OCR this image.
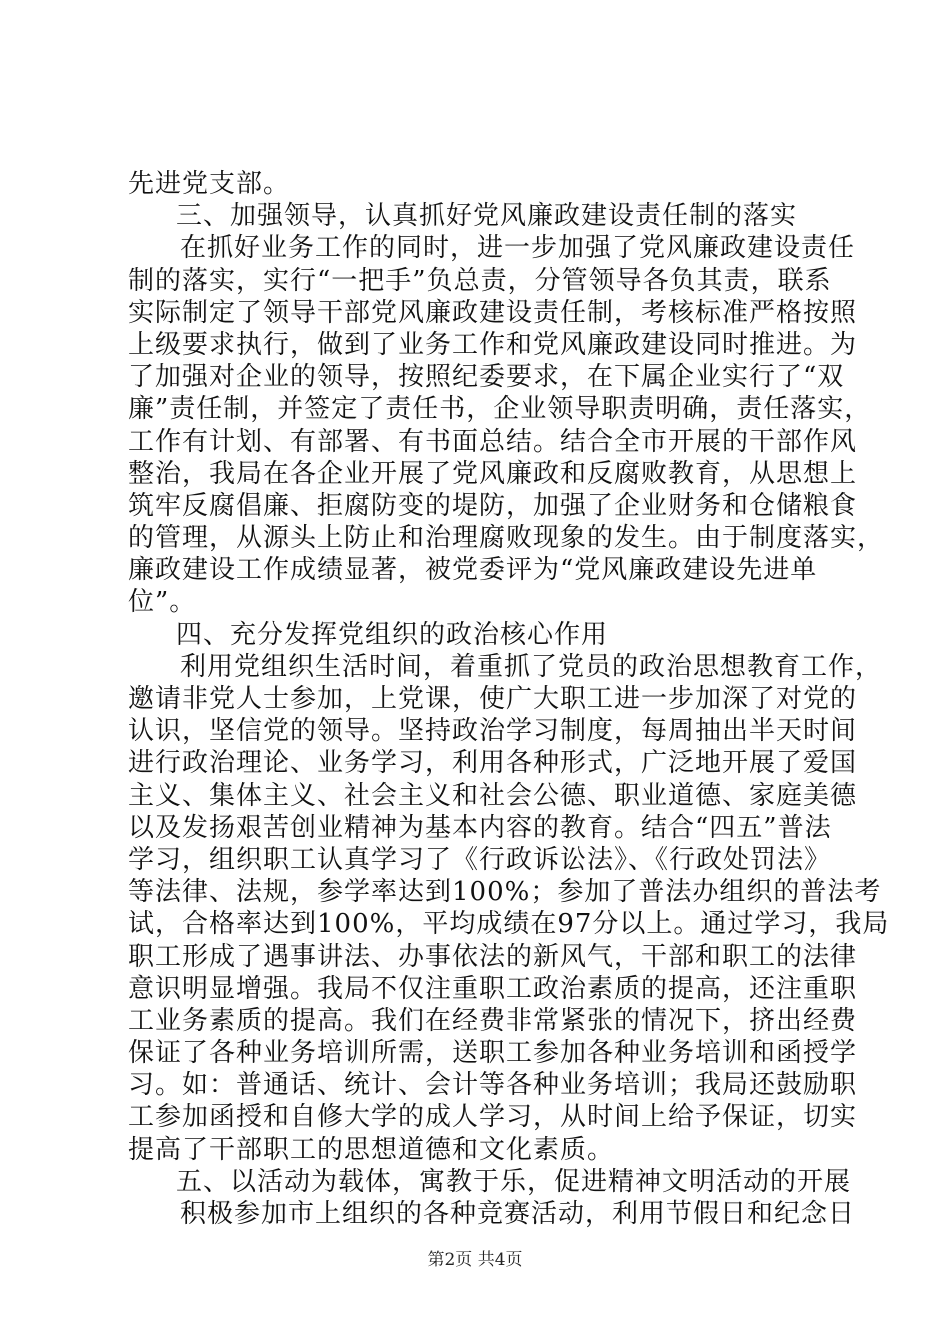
先进党支部。
三、加强领导，认真抓好党风廉政建设责任制的落实
在抓好业务工作的同时，进一步加强了党风廉政建设责任
制的落实，实行“一把手”负总责，分管领导各负其责，联系
实际制定了领导干部党风廉政建设责任制，考核标准严格按照
上级要求执行，做到了业务工作和党风廉政建设同时推进。为
了加强对企业的领导，按照纪委要求，在下属企业实行了“双
廉”责任制，并签定了责任书，企业领导职责明确，责任落实，
工作有计划、有部署、有书面总结。结合全市开展的干部作风
整治，我局在各企业开展了党风廉政和反腐败教育，从思想上
筑牢反腐倡廉、拒腐防变的堤防，加强了企业财务和仓储粮食
的管理，从源头上防止和治理腐败现象的发生。由于制度落实，
廉政建设工作成绩显著，被党委评为“党风廉政建设先进单
位”。
四、充分发挥党组织的政治核心作用
利用党组织生活时间，着重抓了党员的政治思想教育工作，
邀请非党人士参加，上党课，使广大职工进一步加深了对党的
认识，坚信党的领导。坚持政治学习制度，每周抽出半天时间
进行政治理论、业务学习，利用各种形式，广泛地开展了爱国
主义、集体主义、社会主义和社会公德、职业道德、家庭美德
以及发扬艰苦创业精神为基本内容的教育。结合“四五”普法
学习，组织职工认真学习了《行政诉讼法》、《行政处罚法》
等法律、法规，参学率达到100%；参加了普法办组织的普法考
试，合格率达到100%，平均成绩在97分以上。通过学习，我局
职工形成了遇事讲法、办事依法的新风气，干部和职工的法律
意识明显增强。我局不仅注重职工政治素质的提高，还注重职
工业务素质的提高。我们在经费非常紧张的情况下，挤出经费
保证了各种业务培训所需，送职工参加各种业务培训和函授学
习。如：普通话、统计、会计等各种业务培训；我局还鼓励职
工参加函授和自修大学的成人学习，从时间上给予保证，切实
提高了干部职工的思想道德和文化素质。
五、以活动为载体，寓教于乐，促进精神文明活动的开展
积极参加市上组织的各种竞赛活动，利用节假日和纪念日
第2页 共4页
